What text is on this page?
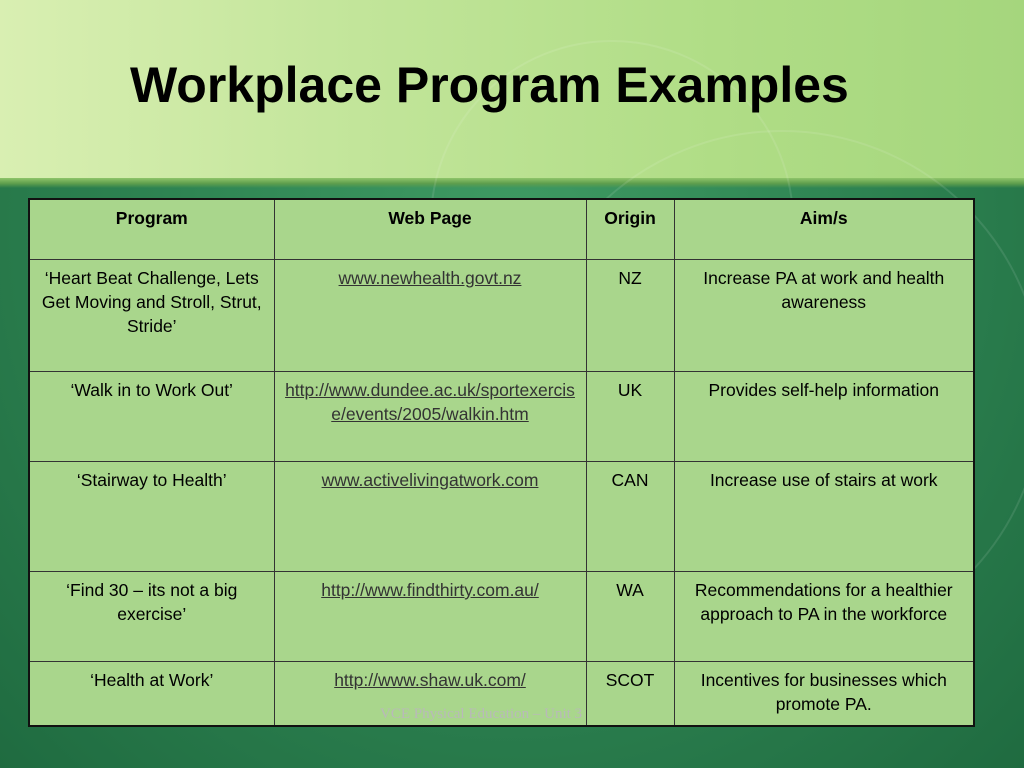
Workplace Program Examples
Program	Web Page	Origin	Aim/s
‘Heart Beat Challenge, Lets Get Moving and Stroll, Strut, Stride’	www.newhealth.govt.nz	NZ	Increase PA at work and health awareness
‘Walk in to Work Out’	http://www.dundee.ac.uk/sportexercise/events/2005/walkin.htm	UK	Provides self-help information
‘Stairway to Health’	www.activelivingatwork.com	CAN	Increase use of stairs at work
‘Find 30 – its not a big exercise’	http://www.findthirty.com.au/	WA	Recommendations for a healthier approach to PA in the workforce
‘Health at Work’	http://www.shaw.uk.com/	SCOT	Incentives for businesses which promote PA.
VCE Physical Education – Unit 3
